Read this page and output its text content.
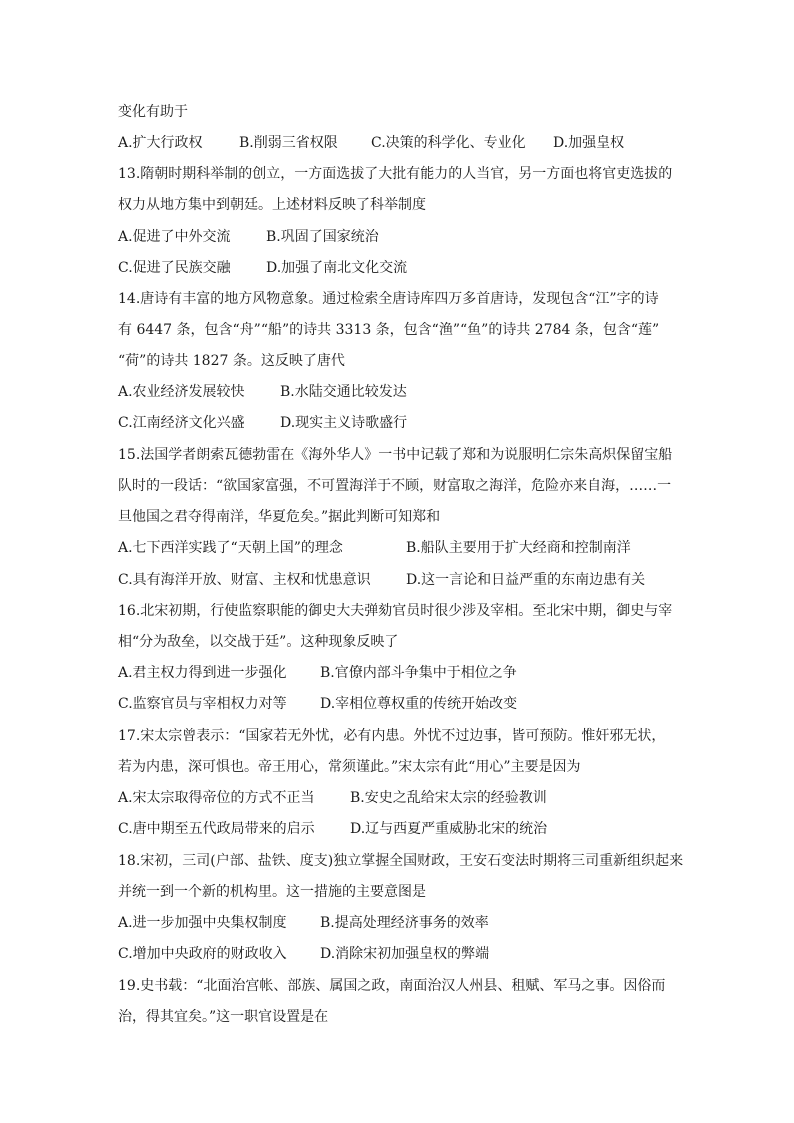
变化有助于
A.扩大行政权	B.削弱三省权限 C.决策的科学化、专业化 D.加强皇权
13.隋朝时期科举制的创立，一方面选拔了大批有能力的人当官，另一方面也将官吏选拔的
权力从地方集中到朝廷。上述材料反映了科举制度
A.促进了中外交流	B.巩固了国家统治
C.促进了民族交融	D.加强了南北文化交流
14.唐诗有丰富的地方风物意象。通过检索全唐诗库四万多首唐诗，发现包含“江”字的诗
有 6447 条，包含“舟”“船”的诗共 3313 条，包含“渔”“鱼”的诗共 2784 条，包含“莲”
“荷”的诗共 1827 条。这反映了唐代
A.农业经济发展较快	B.水陆交通比较发达
C.江南经济文化兴盛	D.现实主义诗歌盛行
15.法国学者朗索瓦德勃雷在《海外华人》一书中记载了郑和为说服明仁宗朱高炽保留宝船
队时的一段话：“欲国家富强，不可置海洋于不顾，财富取之海洋，危险亦来自海，……一
旦他国之君夺得南洋，华夏危矣。”据此判断可知郑和
A.七下西洋实践了“天朝上国”的理念	B.船队主要用于扩大经商和控制南洋
C.具有海洋开放、财富、主权和忧患意识	D.这一言论和日益严重的东南边患有关
16.北宋初期，行使监察职能的御史大夫弹劾官员时很少涉及宰相。至北宋中期，御史与宰
相“分为敌垒，以交战于廷”。这种现象反映了
A.君主权力得到进一步强化 B.官僚内部斗争集中于相位之争
C.监察官员与宰相权力对等 D.宰相位尊权重的传统开始改变
17.宋太宗曾表示：“国家若无外忧，必有内患。外忧不过边事，皆可预防。惟奸邪无状，
若为内患，深可惧也。帝王用心，常须谨此。”宋太宗有此“用心”主要是因为
A.宋太宗取得帝位的方式不正当	B.安史之乱给宋太宗的经验教训
C.唐中期至五代政局带来的启示	D.辽与西夏严重威胁北宋的统治
18.宋初，三司(户部、盐铁、度支)独立掌握全国财政，王安石变法时期将三司重新组织起来
并统一到一个新的机构里。这一措施的主要意图是
A.进一步加强中央集权制度 B.提高处理经济事务的效率
C.增加中央政府的财政收入 D.消除宋初加强皇权的弊端
19.史书载：“北面治宫帐、部族、属国之政，南面治汉人州县、租赋、军马之事。因俗而
治，得其宜矣。”这一职官设置是在
